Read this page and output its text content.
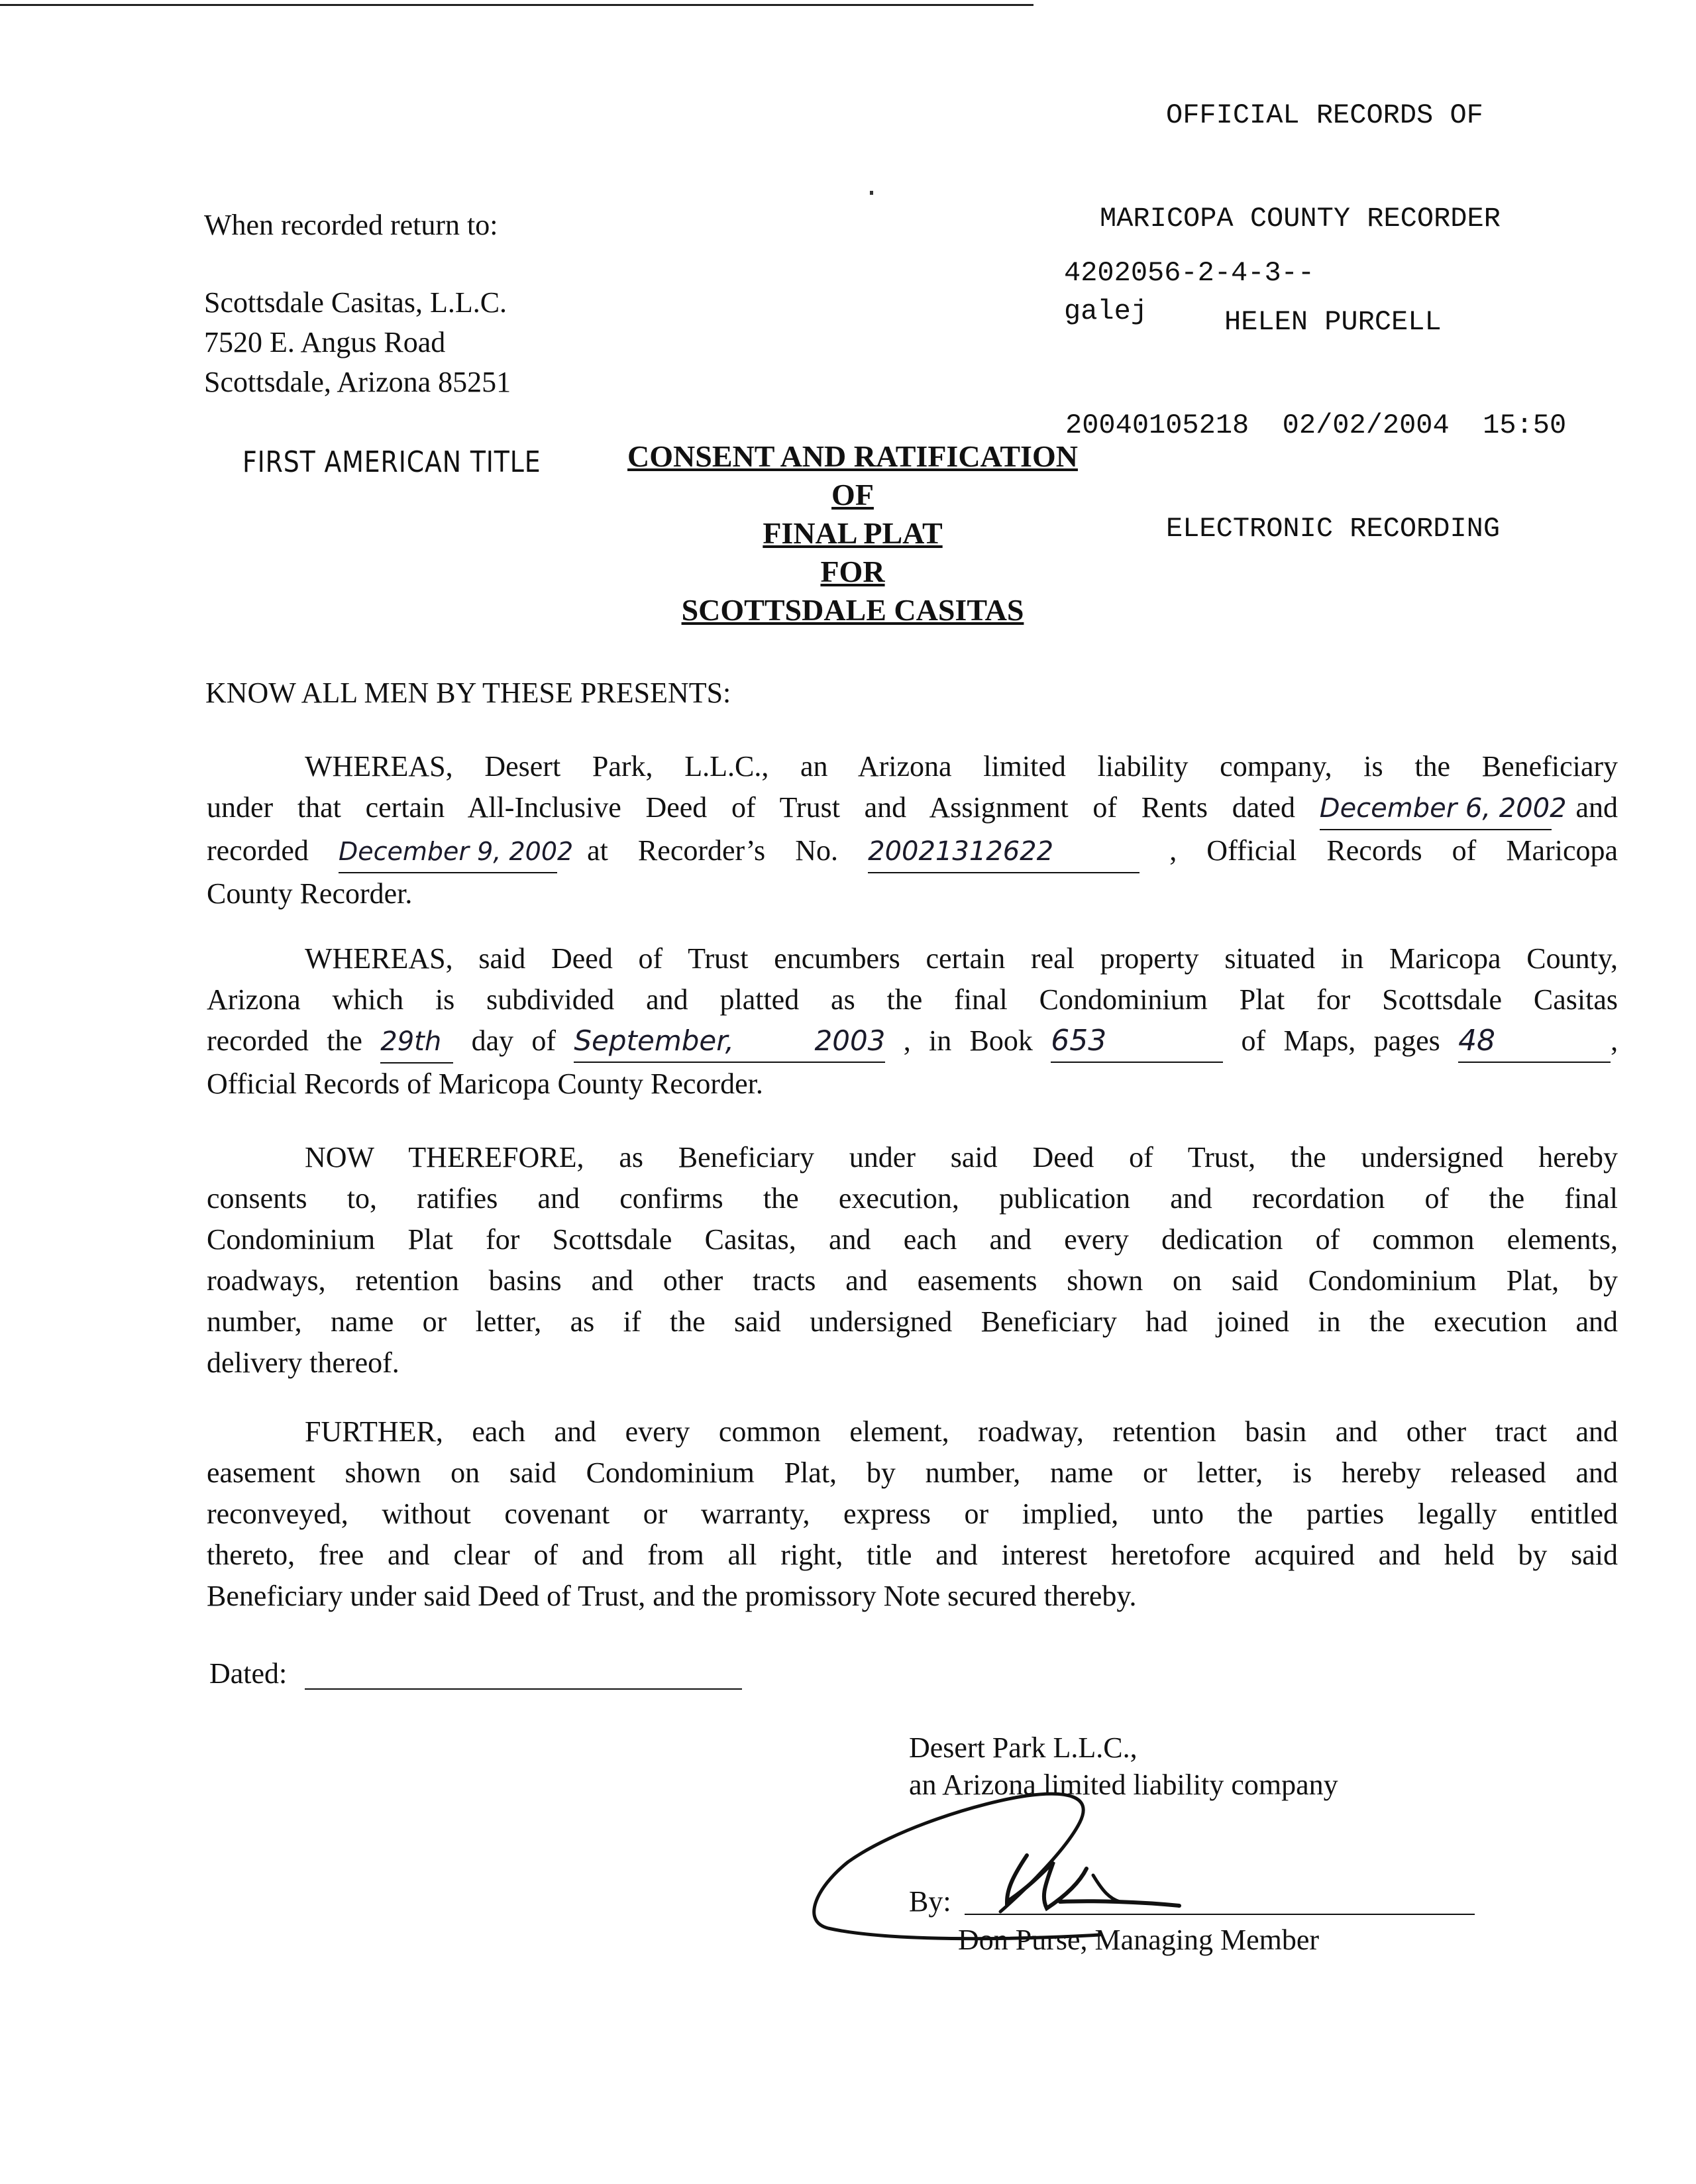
OFFICIAL RECORDS OF

MARICOPA COUNTY RECORDER

HELEN PURCELL

20040105218 02/02/2004 15:50

ELECTRONIC RECORDING

4202056-2-4-3--
galej
When recorded return to:
Scottsdale Casitas, L.L.C.
7520 E. Angus Road
Scottsdale, Arizona 85251
FIRST AMERICAN TITLE	CONSENT AND RATIFICATION
OF
FINAL PLAT
FOR
SCOTTSDALE CASITAS
KNOW ALL MEN BY THESE PRESENTS:
WHEREAS, Desert Park, L.L.C., an Arizona limited liability company, is the Beneficiary
under that certain All-Inclusive Deed of Trust and Assignment of Rents dated December 6, 2002 and
recorded December 9, 2002 at Recorder’s No. 20021312622	, Official Records of Maricopa
County Recorder.
WHEREAS, said Deed of Trust encumbers certain real property situated in Maricopa County,
Arizona which is subdivided and platted as the final Condominium Plat for Scottsdale Casitas
recorded the 29th day of September, 2003 , in Book 653	of Maps, pages 48	,
Official Records of Maricopa County Recorder.
NOW THEREFORE, as Beneficiary under said Deed of Trust, the undersigned hereby
consents to, ratifies and confirms the execution, publication and recordation of the final
Condominium Plat for Scottsdale Casitas, and each and every dedication of common elements,
roadways, retention basins and other tracts and easements shown on said Condominium Plat, by
number, name or letter, as if the said undersigned Beneficiary had joined in the execution and
delivery thereof.
FURTHER, each and every common element, roadway, retention basin and other tract and
easement shown on said Condominium Plat, by number, name or letter, is hereby released and
reconveyed, without covenant or warranty, express or implied, unto the parties legally entitled
thereto, free and clear of and from all right, title and interest heretofore acquired and held by said
Beneficiary under said Deed of Trust, and the promissory Note secured thereby.
Dated:
Desert Park L.L.C.,
an Arizona limited liability company
By:
Don Purse, Managing Member
